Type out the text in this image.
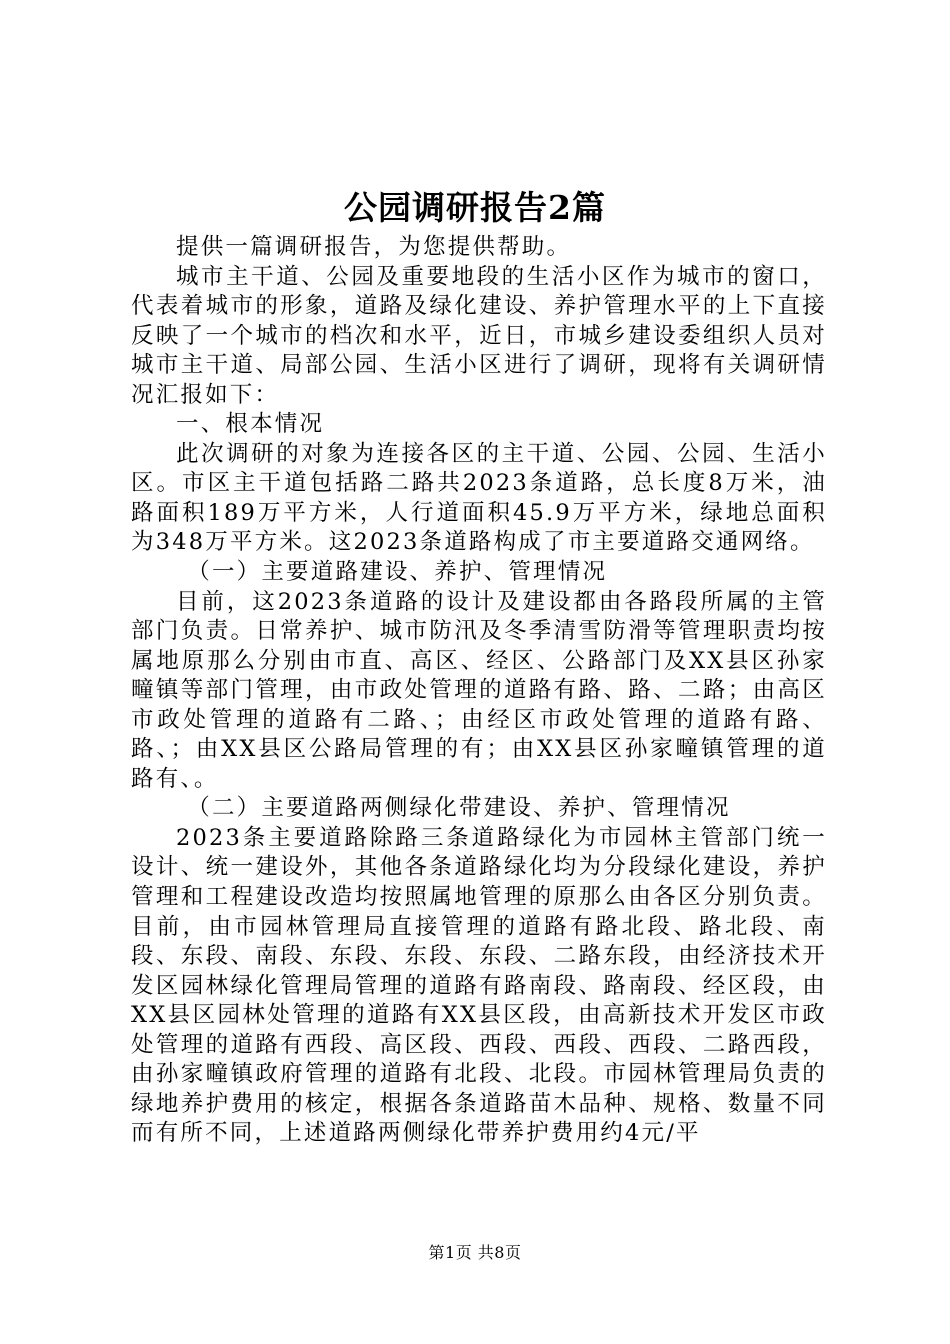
公园调研报告2篇

提供一篇调研报告，为您提供帮助。

城市主干道、公园及重要地段的生活小区作为城市的窗口，代表着城市的形象，道路及绿化建设、养护管理水平的上下直接反映了一个城市的档次和水平，近日，市城乡建设委组织人员对城市主干道、局部公园、生活小区进行了调研，现将有关调研情况汇报如下：

一、根本情况

此次调研的对象为连接各区的主干道、公园、公园、生活小区。市区主干道包括路二路共2023条道路，总长度8万米，油路面积189万平方米，人行道面积45.9万平方米，绿地总面积为348万平方米。这2023条道路构成了市主要道路交通网络。

（一）主要道路建设、养护、管理情况

目前，这2023条道路的设计及建设都由各路段所属的主管部门负责。日常养护、城市防汛及冬季清雪防滑等管理职责均按属地原那么分别由市直、高区、经区、公路部门及XX县区孙家疃镇等部门管理，由市政处管理的道路有路、路、二路；由高区市政处管理的道路有二路、；由经区市政处管理的道路有路、路、；由XX县区公路局管理的有；由XX县区孙家疃镇管理的道路有、。

（二）主要道路两侧绿化带建设、养护、管理情况

2023条主要道路除路三条道路绿化为市园林主管部门统一设计、统一建设外，其他各条道路绿化均为分段绿化建设，养护管理和工程建设改造均按照属地管理的原那么由各区分别负责。目前，由市园林管理局直接管理的道路有路北段、路北段、南段、东段、南段、东段、东段、东段、二路东段，由经济技术开发区园林绿化管理局管理的道路有路南段、路南段、经区段，由XX县区园林处管理的道路有XX县区段，由高新技术开发区市政处管理的道路有西段、高区段、西段、西段、西段、二路西段，由孙家疃镇政府管理的道路有北段、北段。市园林管理局负责的绿地养护费用的核定，根据各条道路苗木品种、规格、数量不同而有所不同，上述道路两侧绿化带养护费用约4元/平

第1页 共8页
